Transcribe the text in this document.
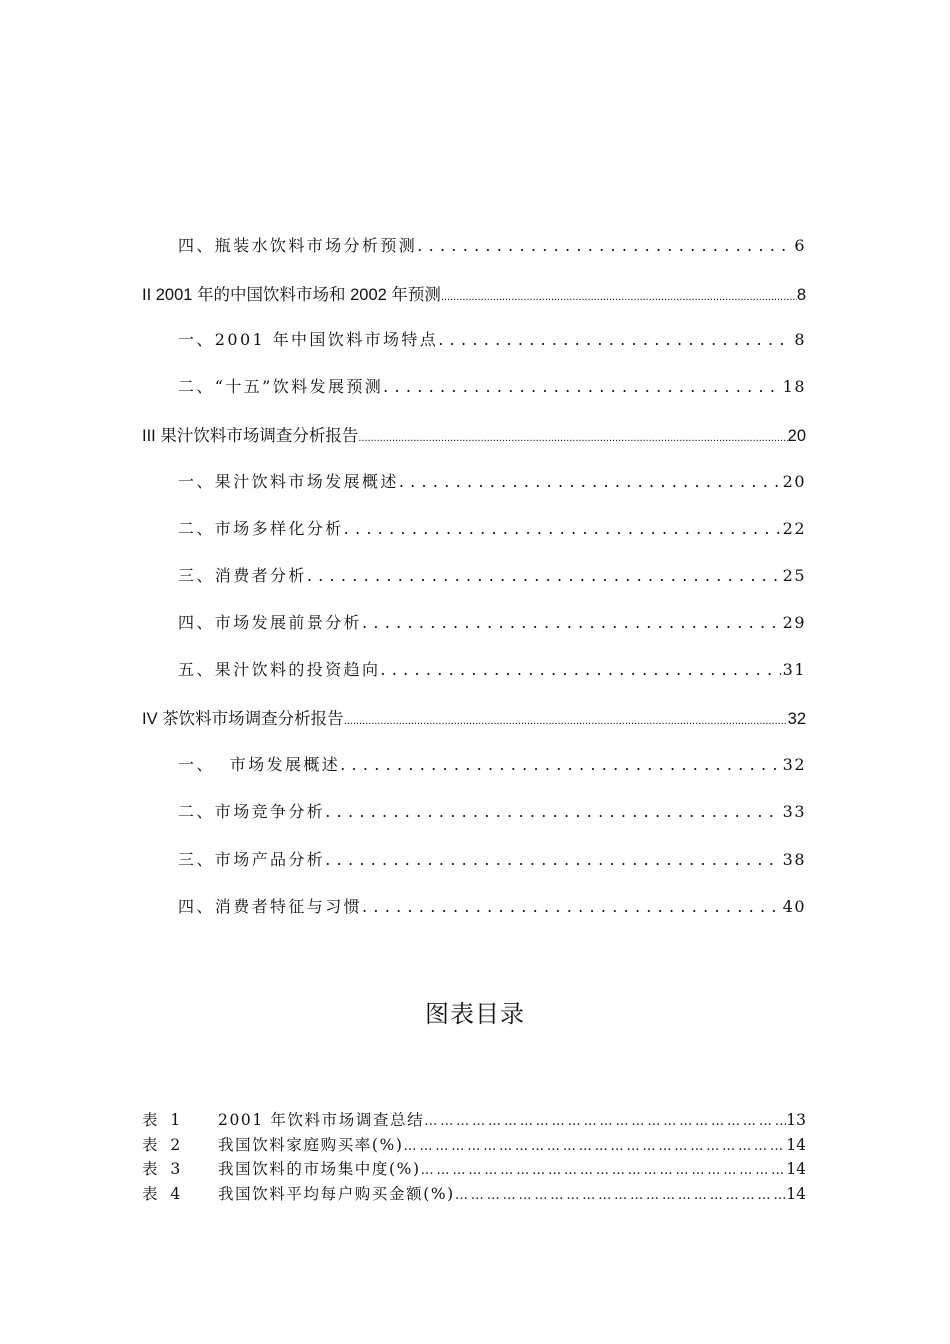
四、瓶装水饮料市场分析预测 . . .	6
II 2001 年的中国饮料市场和 2002 年预测 .....	8
一、2001 年中国饮料市场特点 . . .	8
二、“十五”饮料发展预测 . . .	18
III 果汁饮料市场调查分析报告 .....	20
一、果汁饮料市场发展概述 . . .	20
二、市场多样化分析 . . .	22
三、消费者分析 . . .	25
四、市场发展前景分析 . . .	29
五、果汁饮料的投资趋向 . . .	31
IV 茶饮料市场调查分析报告 .....	32
一、  市场发展概述 . . .	32
二、市场竞争分析 . . .	33
三、市场产品分析 . . .	38
四、消费者特征与习惯 . . .	40
图表目录
表 1	2001 年饮料市场调查总结 … … … … … … … … … … … … … … … … … … … … … … … … … … … … … … … … … … … … … … … … … … … … … … … … … … … … … … … … … … … … … … … … … … … … … … … …	13
表 2	我国饮料家庭购买率(%) … … … … … … … … … … … … … … … … … … … … … … … … … … … … … … … … … … … … … … … … … … … … … … … … … … … … … … … … … … … … … … … … … … … … … … … …	14
表 3	我国饮料的市场集中度(%) … … … … … … … … … … … … … … … … … … … … … … … … … … … … … … … … … … … … … … … … … … … … … … … … … … … … … … … … … … … … … … … … … … … … … … … …	14
表 4	我国饮料平均每户购买金额(%) … … … … … … … … … … … … … … … … … … … … … … … … … … … … … … … … … … … … … … … … … … … … … … … … … … … … … … … … … … … … … … … … … … … … … … … …	14
